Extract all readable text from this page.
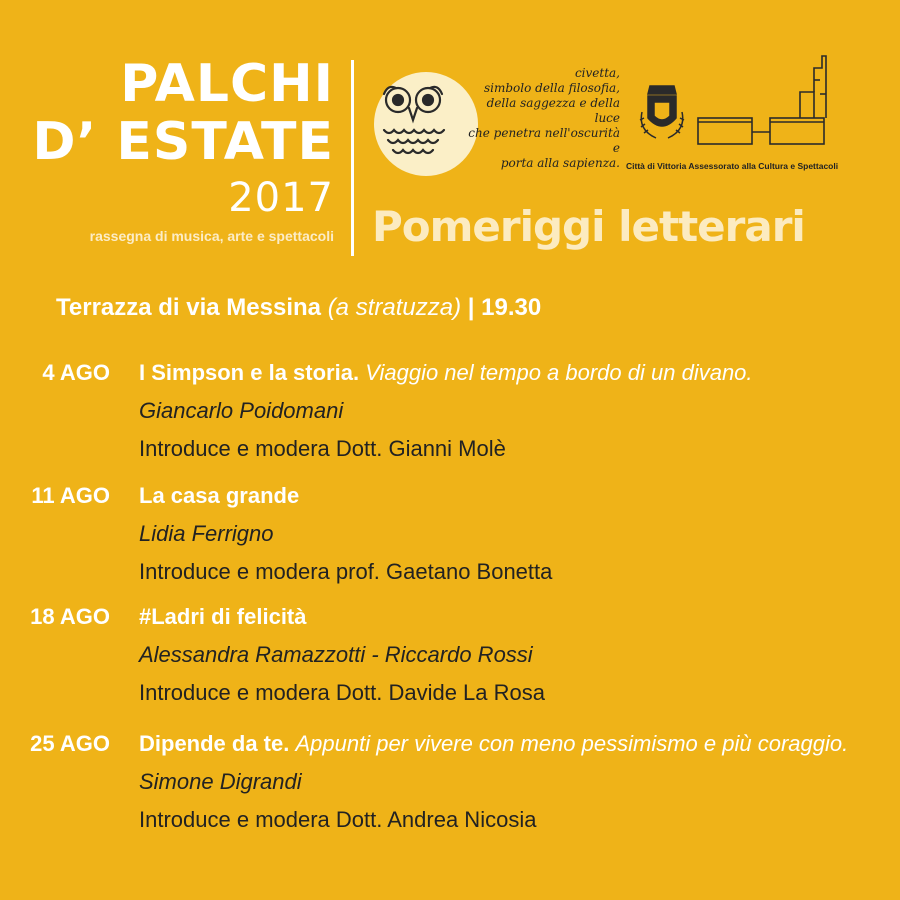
PALCHI
D’ ESTATE
2017
rassegna di musica, arte e spettacoli
civetta,
simbolo della filosofia,
della saggezza e della luce
che penetra nell'oscurità e
porta alla sapienza. Città di Vittoria Assessorato alla Cultura e Spettacoli
Pomeriggi letterari
Terrazza di via Messina (a stratuzza) | 19.30
4 AGO I Simpson e la storia. Viaggio nel tempo a bordo di un divano.
Giancarlo Poidomani
Introduce e modera Dott. Gianni Molè
11 AGO La casa grande
Lidia Ferrigno
Introduce e modera prof. Gaetano Bonetta
18 AGO #Ladri di felicità
Alessandra Ramazzotti - Riccardo Rossi
Introduce e modera Dott. Davide La Rosa
25 AGO Dipende da te. Appunti per vivere con meno pessimismo e più coraggio.
Simone Digrandi
Introduce e modera Dott. Andrea Nicosia
